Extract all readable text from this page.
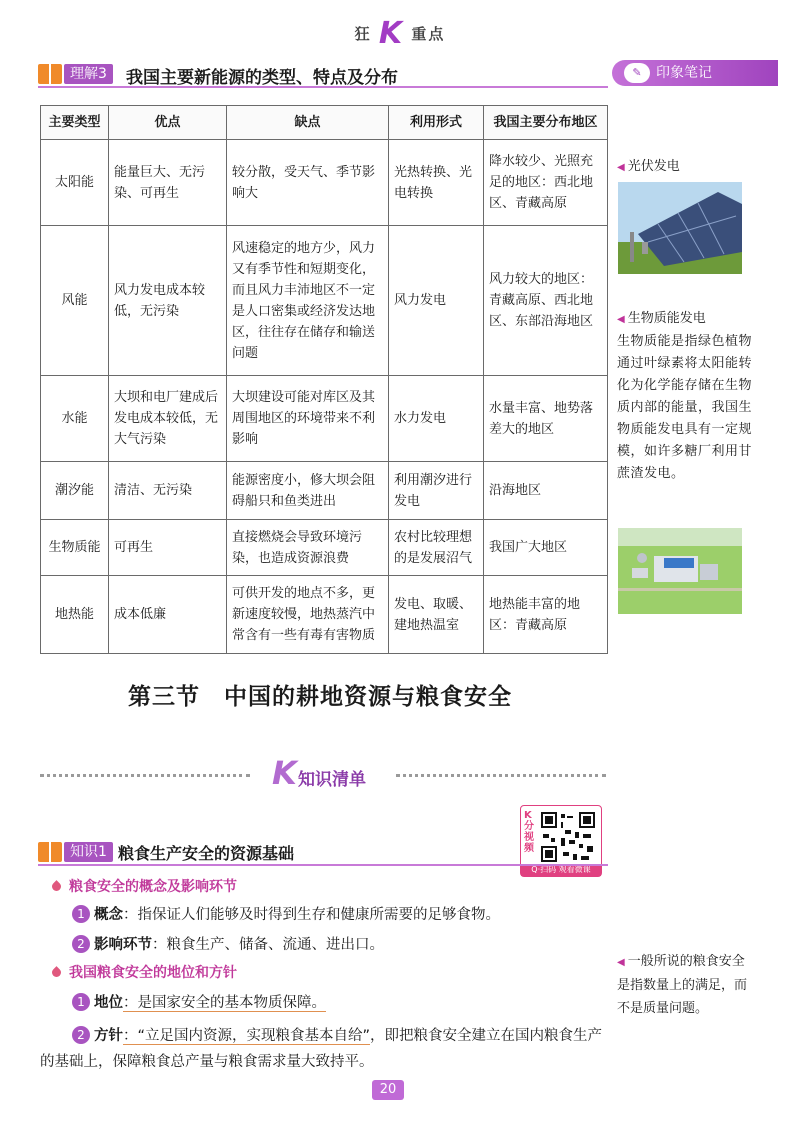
狂 K 重点
理解3	我国主要新能源的类型、特点及分布	✎	印象笔记
主要类型	优点	缺点	利用形式	我国主要分布地区
太阳能	能量巨大、无污染、可再生	较分散，受天气、季节影响大	光热转换、光电转换	降水较少、光照充足的地区：西北地区、青藏高原
风能	风力发电成本较低，无污染	风速稳定的地方少，风力又有季节性和短期变化，而且风力丰沛地区不一定是人口密集或经济发达地区，往往存在储存和输送问题	风力发电	风力较大的地区：青藏高原、西北地区、东部沿海地区
水能	大坝和电厂建成后发电成本较低，无大气污染	大坝建设可能对库区及其周围地区的环境带来不利影响	水力发电	水量丰富、地势落差大的地区
潮汐能	清洁、无污染	能源密度小，修大坝会阻碍船只和鱼类进出	利用潮汐进行发电	沿海地区
生物质能	可再生	直接燃烧会导致环境污染，也造成资源浪费	农村比较理想的是发展沼气	我国广大地区
地热能	成本低廉	可供开发的地点不多，更新速度较慢，地热蒸汽中常含有一些有毒有害物质	发电、取暖、建地热温室	地热能丰富的地区：青藏高原
◀ 光伏发电
◀ 生物质能发电
生物质能是指绿色植物通过叶绿素将太阳能转化为化学能存储在生物质内部的能量，我国生物质能发电具有一定规模，如许多糖厂利用甘蔗渣发电。
第三节　中国的耕地资源与粮食安全
K 知识清单
K分视频
Q·扫码 观看微课
知识1 粮食生产安全的资源基础
粮食安全的概念及影响环节
1 概念：指保证人们能够及时得到生存和健康所需要的足够食物。
2 影响环节：粮食生产、储备、流通、进出口。
我国粮食安全的地位和方针
1 地位：是国家安全的基本物质保障。
2 方针：“立足国内资源，实现粮食基本自给”，即把粮食安全建立在国内粮食生产的基础上，保障粮食总产量与粮食需求量大致持平。
◀ 一般所说的粮食安全是指数量上的满足，而不是质量问题。
20
